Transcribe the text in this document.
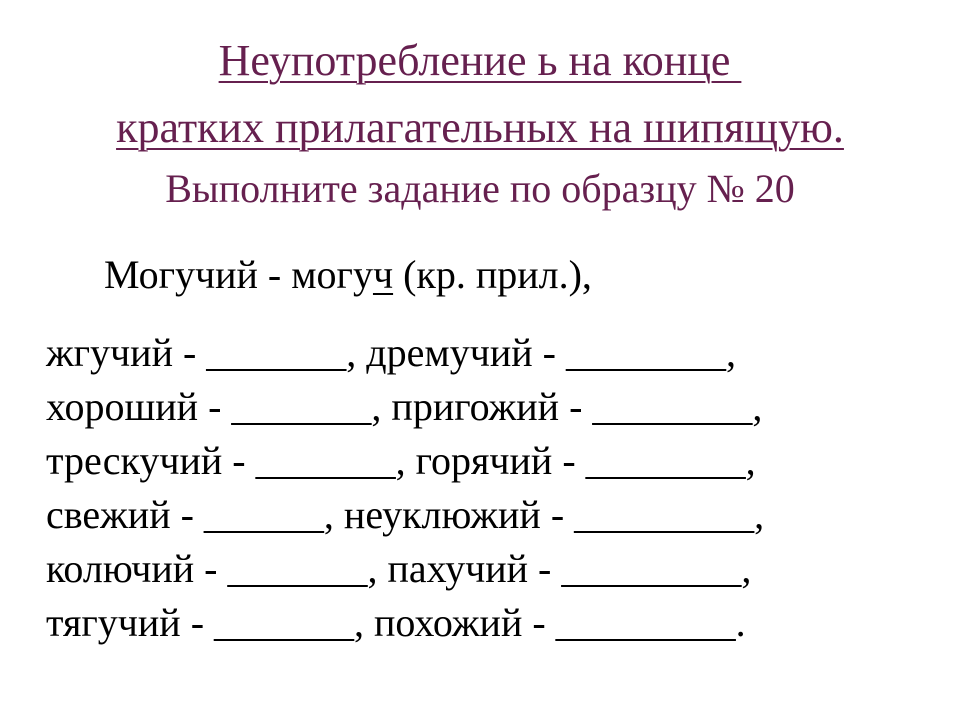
Неупотребление ь на конце
кратких прилагательных на шипящую.
Выполните задание по образцу № 20
Могучий - могуч (кр. прил.),
жгучий - _______, дремучий - ________,
хороший - _______, пригожий - ________,
трескучий - _______, горячий - ________,
свежий - ______, неуклюжий - _________,
колючий - _______, пахучий - _________,
тягучий - _______, похожий - _________.
